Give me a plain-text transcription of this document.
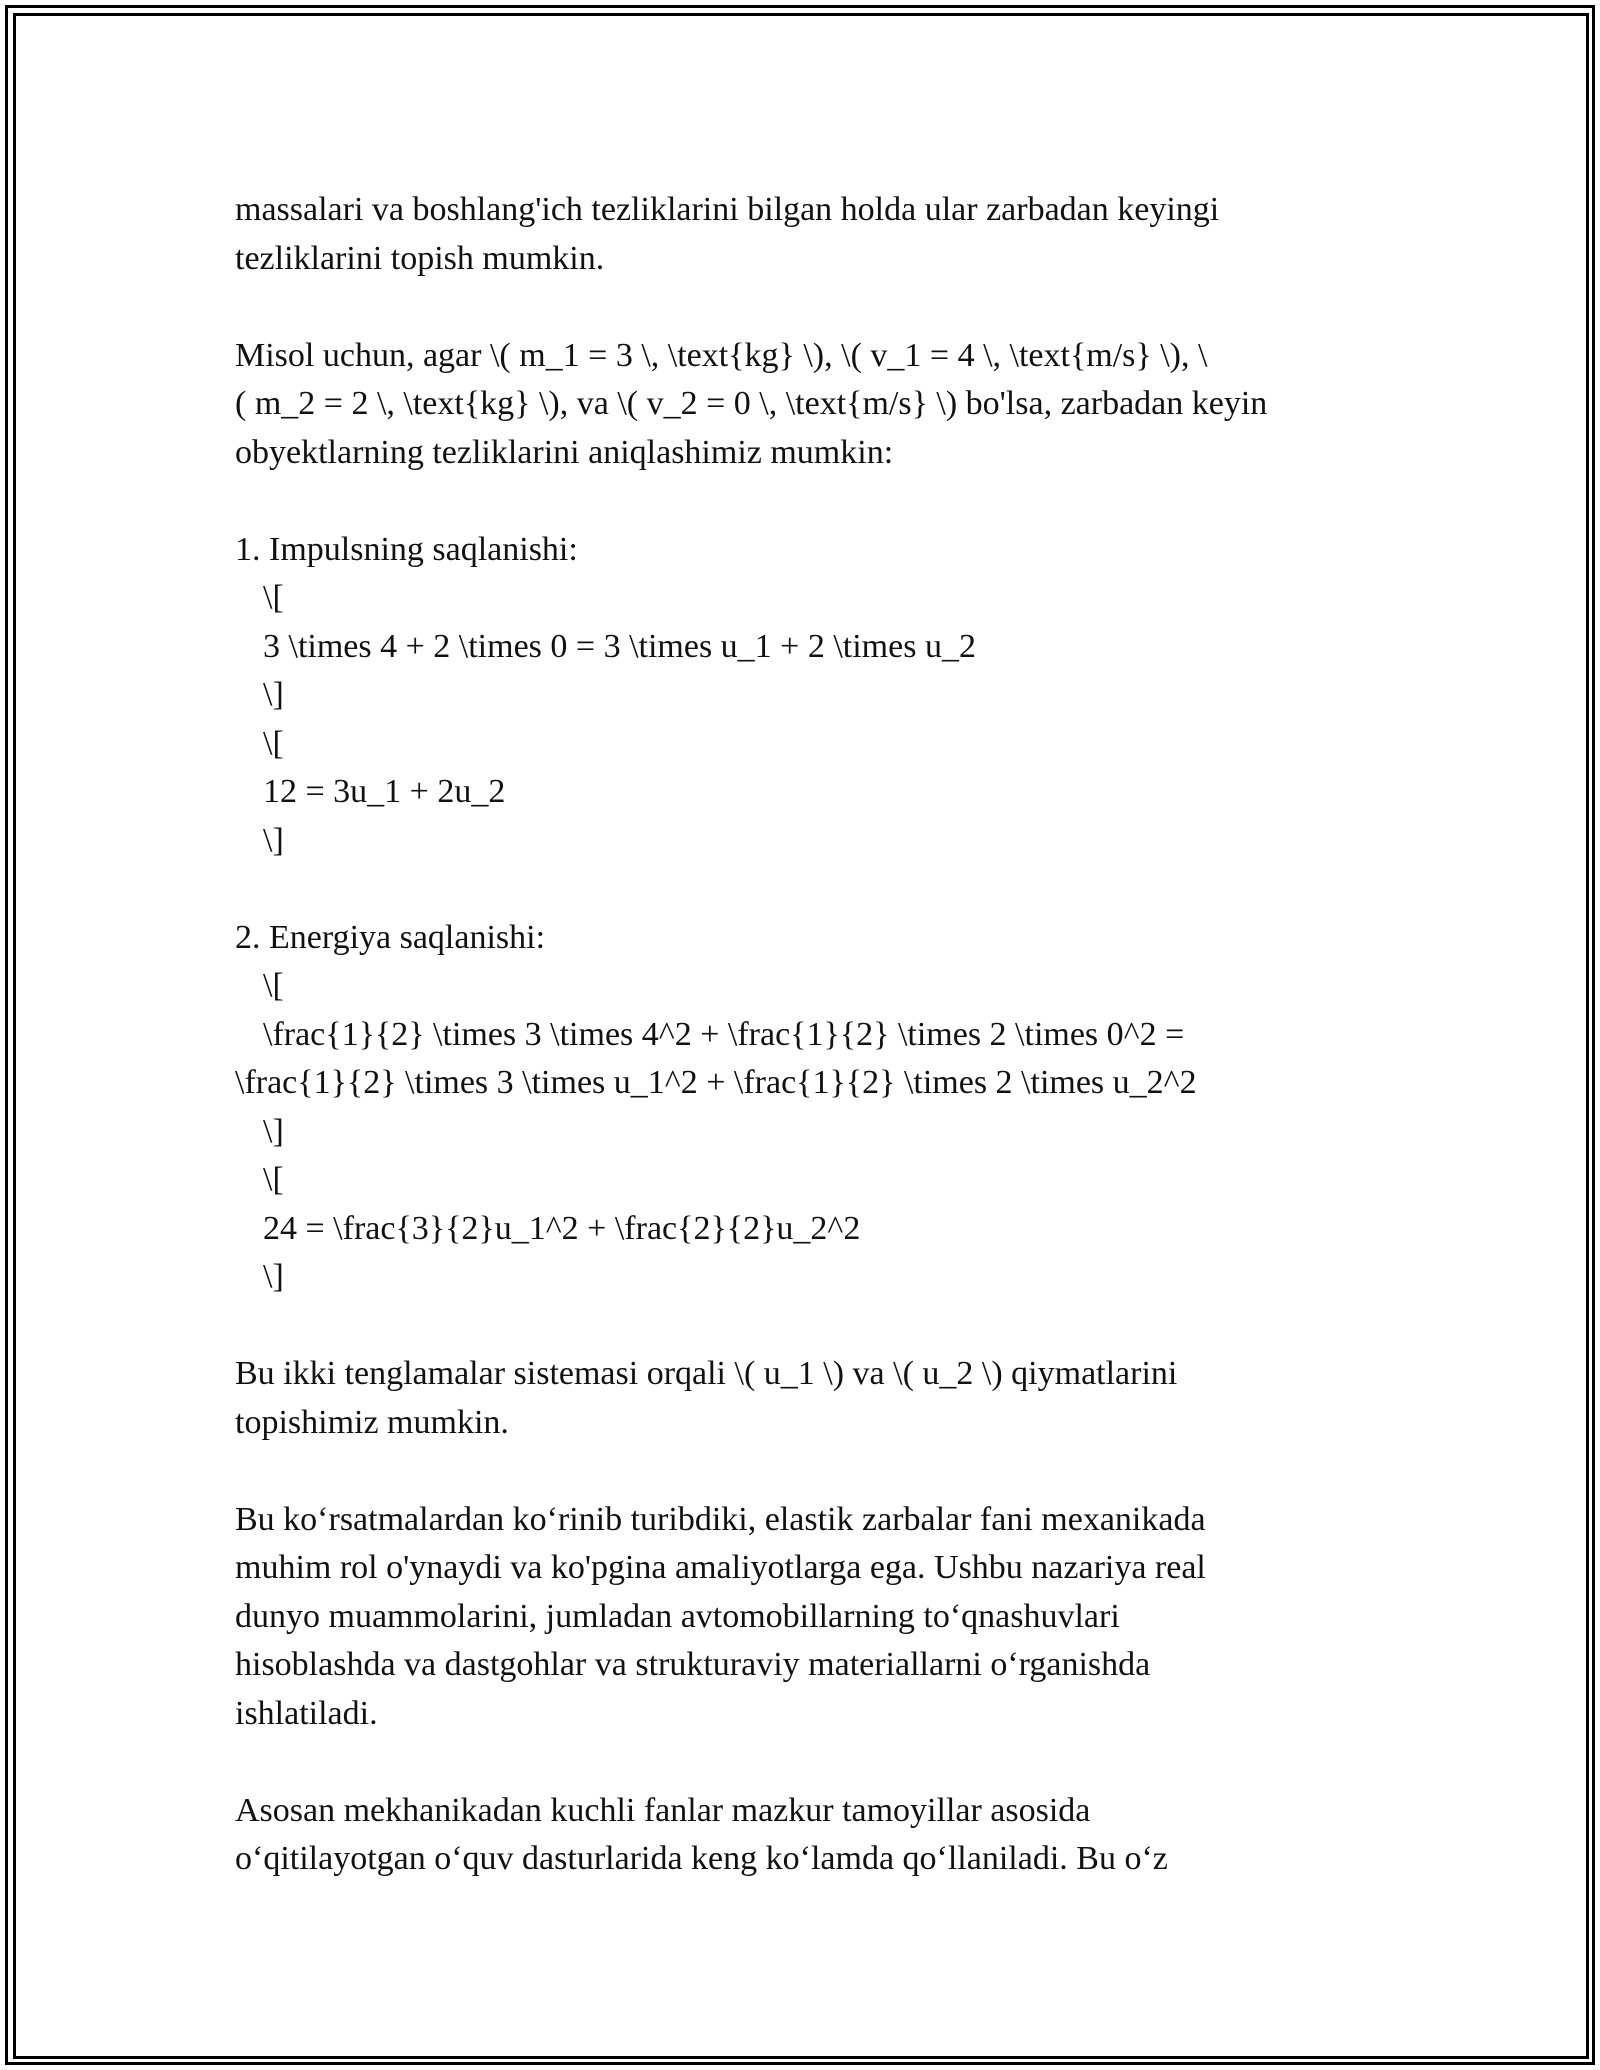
massalari va boshlang'ich tezliklarini bilgan holda ular zarbadan keyingi
tezliklarini topish mumkin.
Misol uchun, agar \( m_1 = 3 \, \text{kg} \), \( v_1 = 4 \, \text{m/s} \), \
( m_2 = 2 \, \text{kg} \), va \( v_2 = 0 \, \text{m/s} \) bo'lsa, zarbadan keyin
obyektlarning tezliklarini aniqlashimiz mumkin:
1. Impulsning saqlanishi:
\[
3 \times 4 + 2 \times 0 = 3 \times u_1 + 2 \times u_2
\]
\[
12 = 3u_1 + 2u_2
\]
2. Energiya saqlanishi:
\[
\frac{1}{2} \times 3 \times 4^2 + \frac{1}{2} \times 2 \times 0^2 =
\frac{1}{2} \times 3 \times u_1^2 + \frac{1}{2} \times 2 \times u_2^2
\]
\[
24 = \frac{3}{2}u_1^2 + \frac{2}{2}u_2^2
\]
Bu ikki tenglamalar sistemasi orqali \( u_1 \) va \( u_2 \) qiymatlarini
topishimiz mumkin.
Bu ko‘rsatmalardan ko‘rinib turibdiki, elastik zarbalar fani mexanikada
muhim rol o'ynaydi va ko'pgina amaliyotlarga ega. Ushbu nazariya real
dunyo muammolarini, jumladan avtomobillarning to‘qnashuvlari
hisoblashda va dastgohlar va strukturaviy materiallarni o‘rganishda
ishlatiladi.
Asosan mekhanikadan kuchli fanlar mazkur tamoyillar asosida
o‘qitilayotgan o‘quv dasturlarida keng ko‘lamda qo‘llaniladi. Bu o‘z
